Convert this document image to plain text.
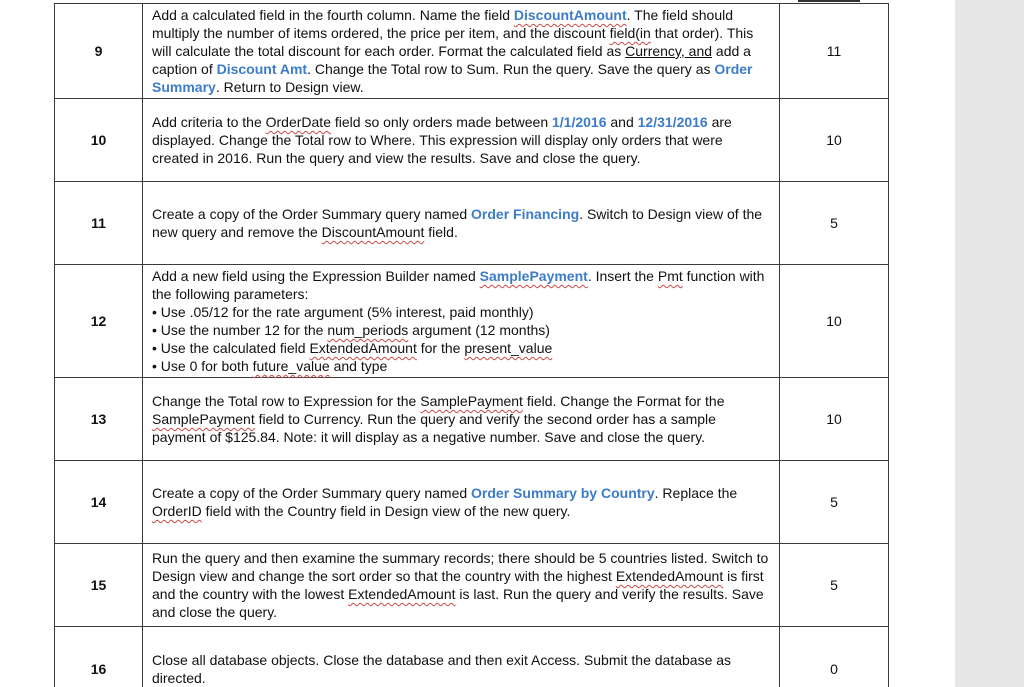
9	Add a calculated field in the fourth column. Name the field DiscountAmount. The field should multiply the number of items ordered, the price per item, and the discount field(in that order). This will calculate the total discount for each order. Format the calculated field as Currency, and add a caption of Discount Amt. Change the Total row to Sum. Run the query. Save the query as Order Summary. Return to Design view.	11
10	Add criteria to the OrderDate field so only orders made between 1/1/2016 and 12/31/2016 are displayed. Change the Total row to Where. This expression will display only orders that were created in 2016. Run the query and view the results. Save and close the query.	10
11	Create a copy of the Order Summary query named Order Financing. Switch to Design view of the new query and remove the DiscountAmount field.	5
12	Add a new field using the Expression Builder named SamplePayment. Insert the Pmt function with the following parameters:
• Use .05/12 for the rate argument (5% interest, paid monthly)
• Use the number 12 for the num_periods argument (12 months)
• Use the calculated field ExtendedAmount for the present_value
• Use 0 for both future_value and type	10
13	Change the Total row to Expression for the SamplePayment field. Change the Format for the SamplePayment field to Currency. Run the query and verify the second order has a sample payment of $125.84. Note: it will display as a negative number. Save and close the query.	10
14	Create a copy of the Order Summary query named Order Summary by Country. Replace the OrderID field with the Country field in Design view of the new query.	5
15	Run the query and then examine the summary records; there should be 5 countries listed. Switch to Design view and change the sort order so that the country with the highest ExtendedAmount is first and the country with the lowest ExtendedAmount is last. Run the query and verify the results. Save and close the query.	5
16	Close all database objects. Close the database and then exit Access. Submit the database as directed.	0
